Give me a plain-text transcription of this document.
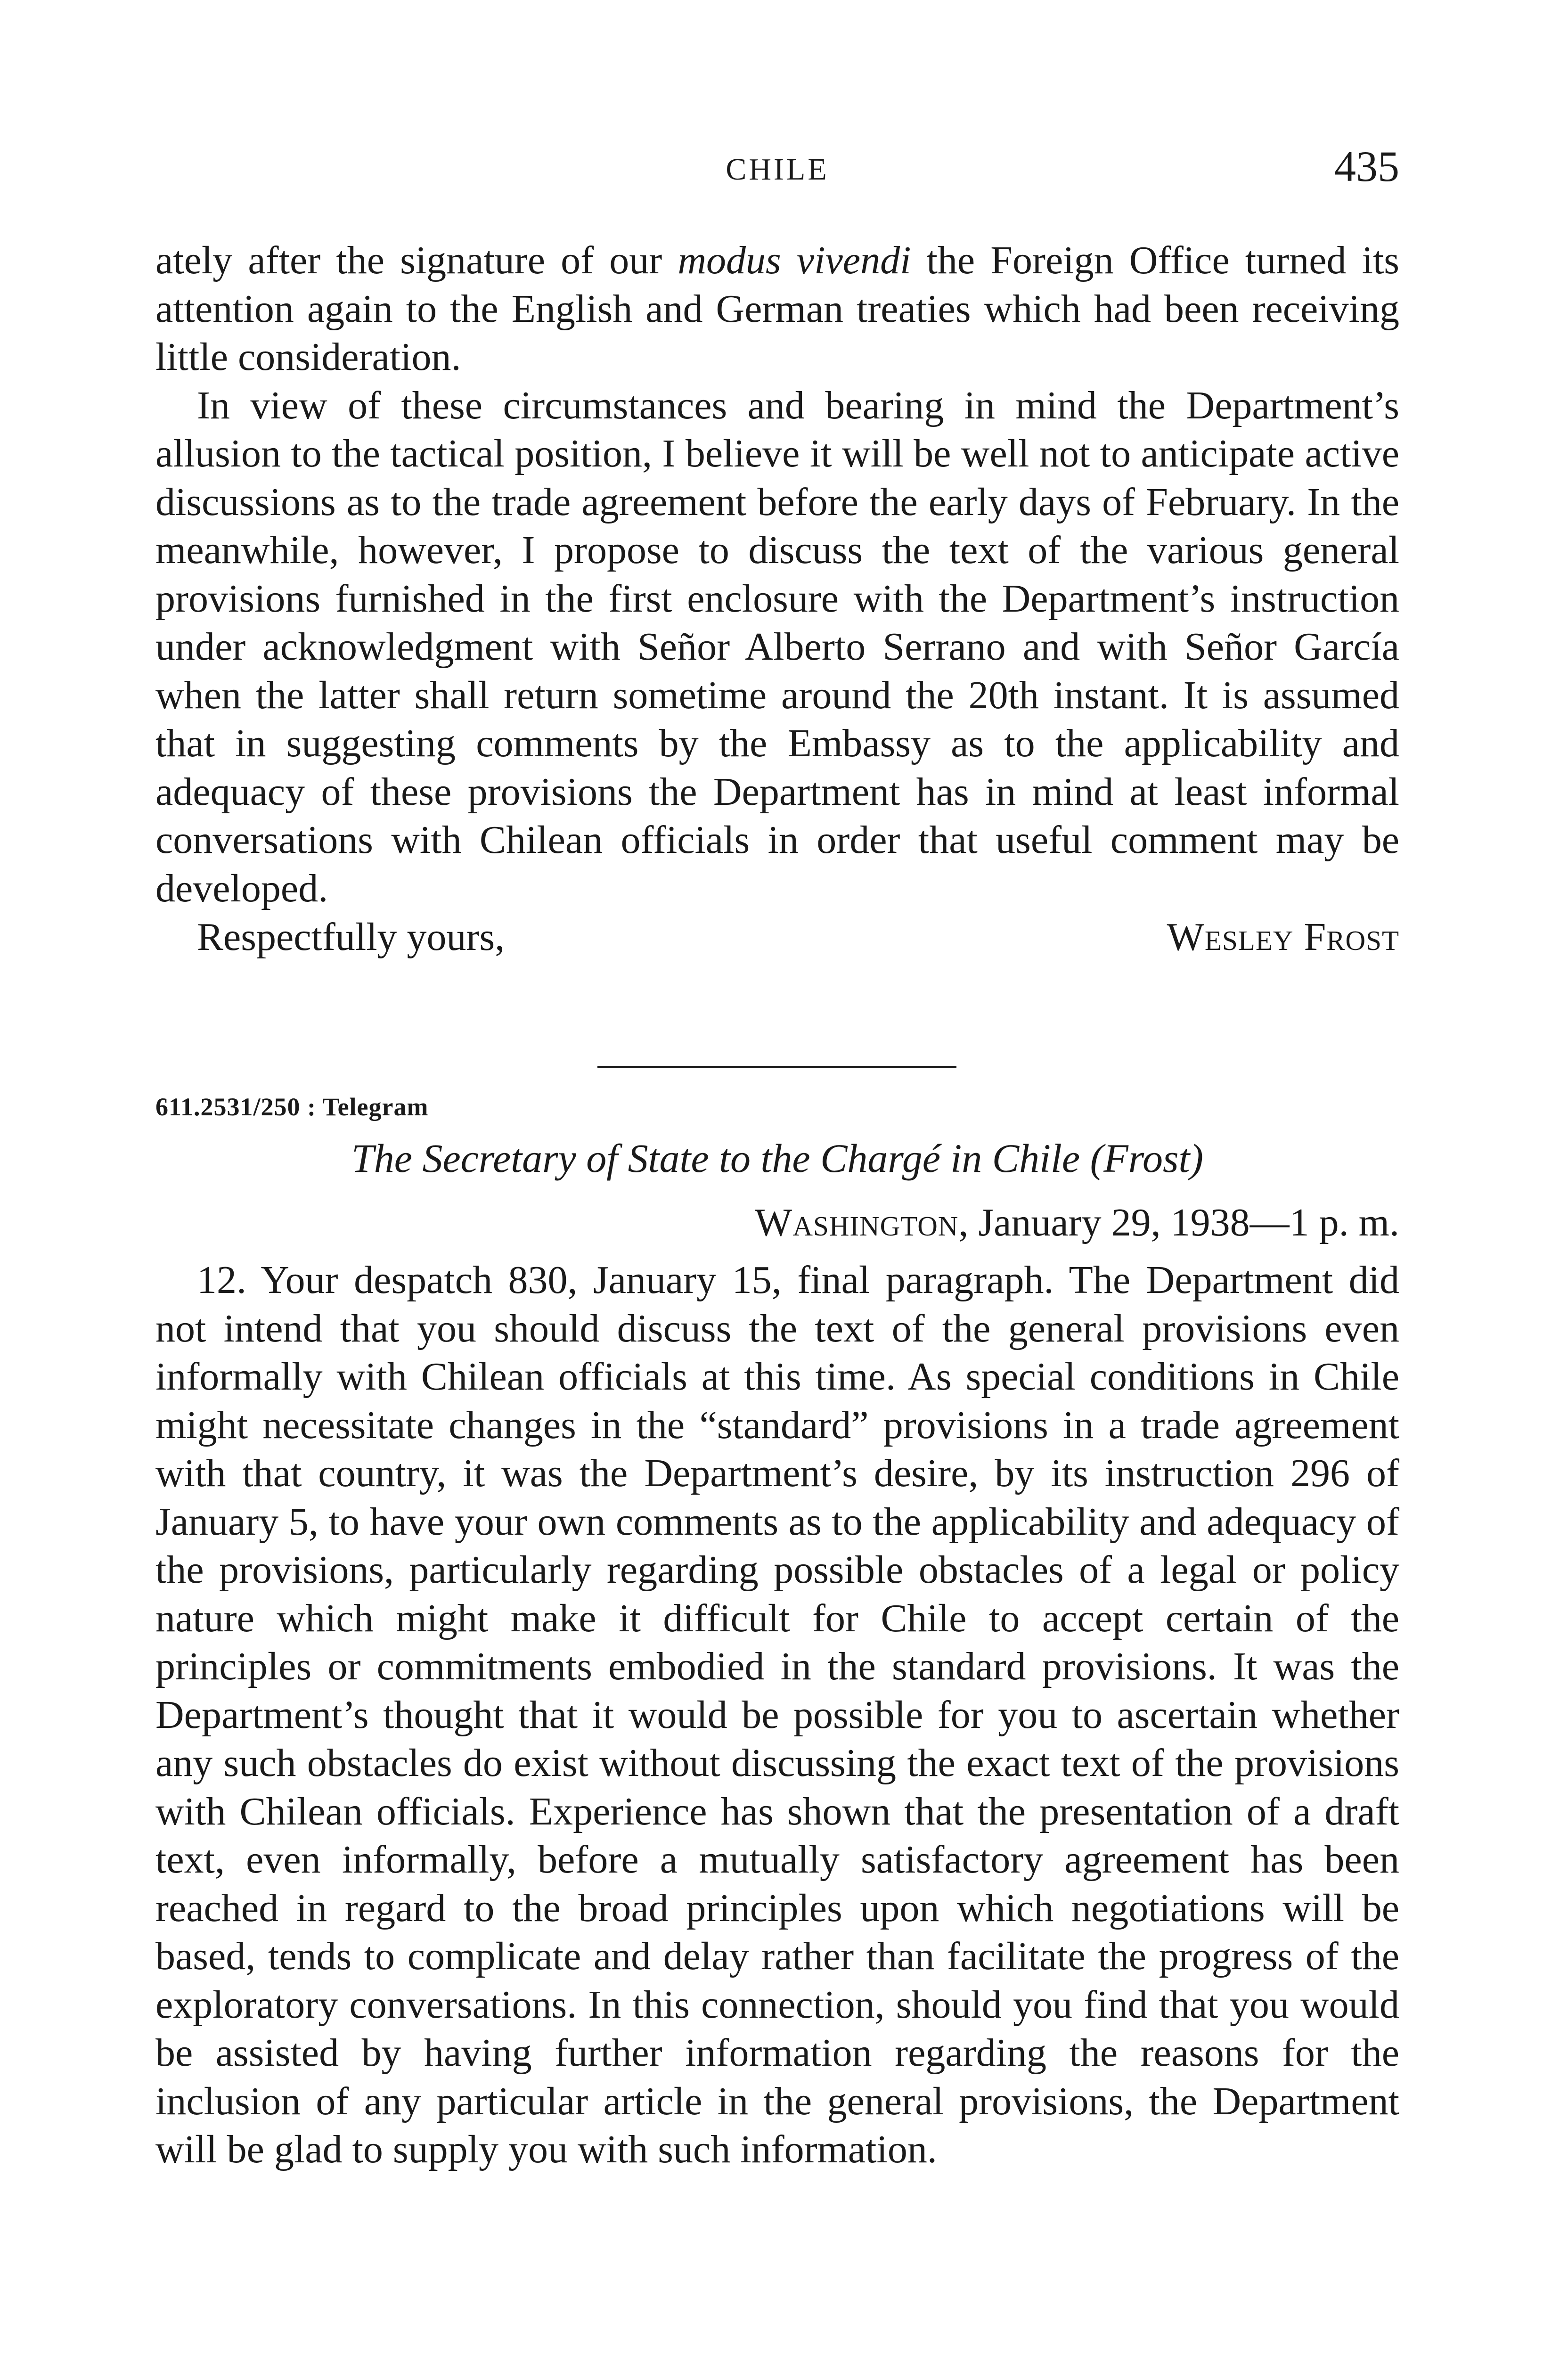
CHILE	435

ately after the signature of our modus vivendi the Foreign Office turned its attention again to the English and German treaties which had been receiving little consideration.

In view of these circumstances and bearing in mind the Department’s allusion to the tactical position, I believe it will be well not to anticipate active discussions as to the trade agreement before the early days of February. In the meanwhile, however, I propose to discuss the text of the various general provisions furnished in the first enclosure with the Department’s instruction under acknowledgment with Señor Alberto Serrano and with Señor García when the latter shall return sometime around the 20th instant. It is assumed that in suggesting comments by the Embassy as to the applicability and adequacy of these provisions the Department has in mind at least informal conversations with Chilean officials in order that useful comment may be developed.

Respectfully yours,	Wesley Frost
611.2531/250 : Telegram
The Secretary of State to the Chargé in Chile (Frost)
Washington, January 29, 1938—1 p. m.

12. Your despatch 830, January 15, final paragraph. The Department did not intend that you should discuss the text of the general provisions even informally with Chilean officials at this time. As special conditions in Chile might necessitate changes in the “standard” provisions in a trade agreement with that country, it was the Department’s desire, by its instruction 296 of January 5, to have your own comments as to the applicability and adequacy of the provisions, particularly regarding possible obstacles of a legal or policy nature which might make it difficult for Chile to accept certain of the principles or commitments embodied in the standard provisions. It was the Department’s thought that it would be possible for you to ascertain whether any such obstacles do exist without discussing the exact text of the provisions with Chilean officials. Experience has shown that the presentation of a draft text, even informally, before a mutually satisfactory agreement has been reached in regard to the broad principles upon which negotiations will be based, tends to complicate and delay rather than facilitate the progress of the exploratory conversations. In this connection, should you find that you would be assisted by having further information regarding the reasons for the inclusion of any particular article in the general provisions, the Department will be glad to supply you with such information.
